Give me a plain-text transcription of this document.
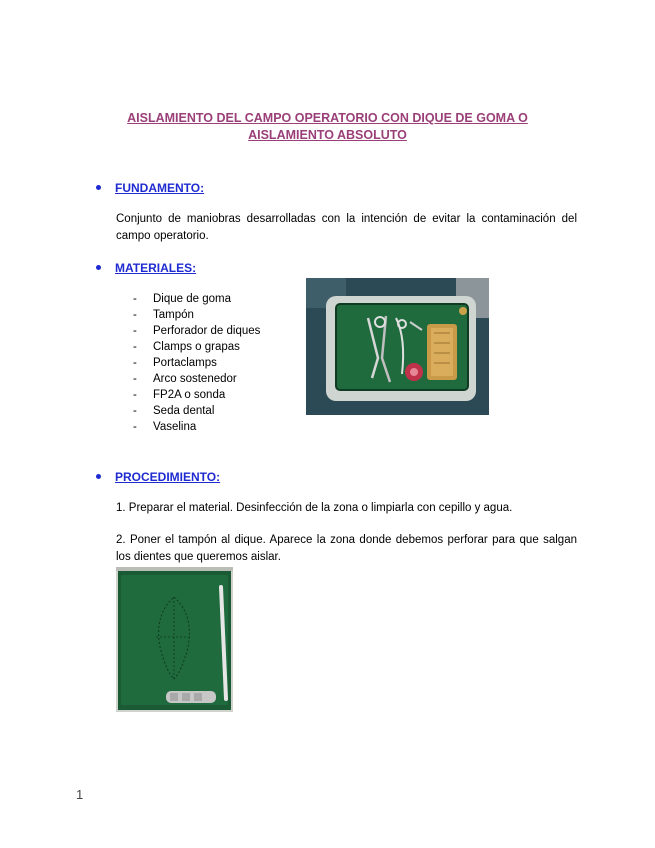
AISLAMIENTO DEL CAMPO OPERATORIO CON DIQUE DE GOMA O
AISLAMIENTO ABSOLUTO
FUNDAMENTO:

Conjunto de maniobras desarrolladas con la intención de evitar la contaminación del campo operatorio.

MATERIALES:
- Dique de goma
- Tampón
- Perforador de diques
- Clamps o grapas
- Portaclamps
- Arco sostenedor
- FP2A o sonda
- Seda dental
- Vaselina
PROCEDIMIENTO:

1. Preparar el material. Desinfección de la zona o limpiarla con cepillo y agua.

2. Poner el tampón al dique. Aparece la zona donde debemos perforar para que salgan los dientes que queremos aislar.

1
